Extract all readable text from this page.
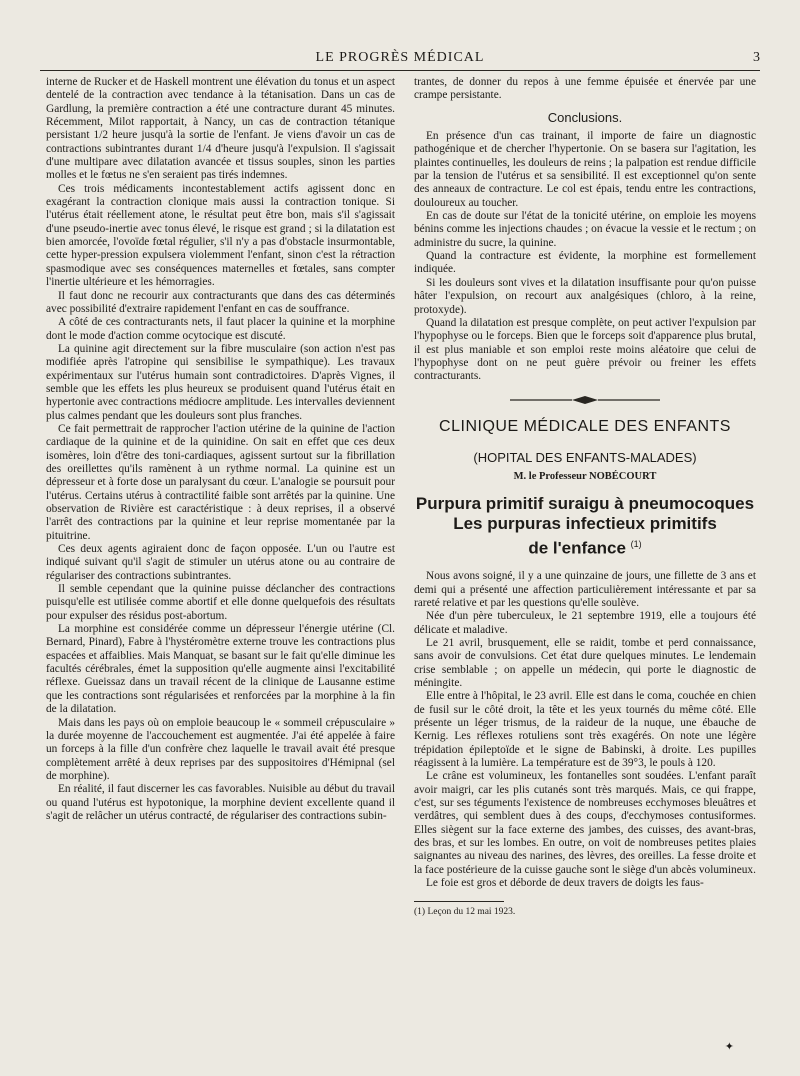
LE PROGRÈS MÉDICAL	3

interne de Rucker et de Haskell montrent une élévation du tonus et un aspect dentelé de la contraction avec tendance à la tétanisation. Dans un cas de Gardlung, la première contraction a été une contracture durant 45 minutes. Récemment, Milot rapportait, à Nancy, un cas de contraction tétanique persistant 1/2 heure jusqu'à la sortie de l'enfant. Je viens d'avoir un cas de contractions subintrantes durant 1/4 d'heure jusqu'à l'expulsion. Il s'agissait d'une multipare avec dilatation avancée et tissus souples, sinon les parties molles et le fœtus ne s'en seraient pas tirés indemnes.

Ces trois médicaments incontestablement actifs agissent donc en exagérant la contraction clonique mais aussi la contraction tonique. Si l'utérus était réellement atone, le résultat peut être bon, mais s'il s'agissait d'une pseudo-inertie avec tonus élevé, le risque est grand ; si la dilatation est bien amorcée, l'ovoïde fœtal régulier, s'il n'y a pas d'obstacle insurmontable, cette hyper-pression expulsera violemment l'enfant, sinon c'est la rétraction spasmodique avec ses conséquences maternelles et fœtales, sans compter l'inertie ultérieure et les hémorragies.

Il faut donc ne recourir aux contracturants que dans des cas déterminés avec possibilité d'extraire rapidement l'enfant en cas de souffrance.

A côté de ces contracturants nets, il faut placer la quinine et la morphine dont le mode d'action comme ocytocique est discuté.

La quinine agit directement sur la fibre musculaire (son action n'est pas modifiée après l'atropine qui sensibilise le sympathique). Les travaux expérimentaux sur l'utérus humain sont contradictoires. D'après Vignes, il semble que les effets les plus heureux se produisent quand l'utérus était en hypertonie avec contractions médiocre amplitude. Les intervalles deviennent plus calmes pendant que les douleurs sont plus franches.

Ce fait permettrait de rapprocher l'action utérine de la quinine de l'action cardiaque de la quinine et de la quinidine. On sait en effet que ces deux isomères, loin d'être des toni-cardiaques, agissent surtout sur la fibrillation des oreillettes qu'ils ramènent à un rythme normal. La quinine est un dépresseur et à forte dose un paralysant du cœur. L'analogie se poursuit pour l'utérus. Certains utérus à contractilité faible sont arrêtés par la quinine. Une observation de Rivière est caractéristique : à deux reprises, il a observé l'arrêt des contractions par la quinine et leur reprise momentanée par la pituitrine.

Ces deux agents agiraient donc de façon opposée. L'un ou l'autre est indiqué suivant qu'il s'agit de stimuler un utérus atone ou au contraire de régulariser des contractions subintrantes.

Il semble cependant que la quinine puisse déclancher des contractions puisqu'elle est utilisée comme abortif et elle donne quelquefois des résultats pour expulser des résidus post-abortum.

La morphine est considérée comme un dépresseur l'énergie utérine (Cl. Bernard, Pinard), Fabre à l'hystéromètre externe trouve les contractions plus espacées et affaiblies. Mais Manquat, se basant sur le fait qu'elle diminue les facultés cérébrales, émet la supposition qu'elle augmente ainsi l'excitabilité réflexe. Gueissaz dans un travail récent de la clinique de Lausanne estime que les contractions sont régularisées et renforcées par la morphine à la fin de la dilatation.

Mais dans les pays où on emploie beaucoup le « sommeil crépusculaire » la durée moyenne de l'accouchement est augmentée. J'ai été appelée à faire un forceps à la fille d'un confrère chez laquelle le travail avait été presque complètement arrêté à deux reprises par des suppositoires d'Hémipnal (sel de morphine).

En réalité, il faut discerner les cas favorables. Nuisible au début du travail ou quand l'utérus est hypotonique, la morphine devient excellente quand il s'agit de relâcher un utérus contracté, de régulariser des contractions subin-

trantes, de donner du repos à une femme épuisée et énervée par une crampe persistante.

Conclusions.

En présence d'un cas trainant, il importe de faire un diagnostic pathogénique et de chercher l'hypertonie. On se basera sur l'agitation, les plaintes continuelles, les douleurs de reins ; la palpation est rendue difficile par la tension de l'utérus et sa sensibilité. Il est exceptionnel qu'on sente des anneaux de contracture. Le col est épais, tendu entre les contractions, douloureux au toucher.

En cas de doute sur l'état de la tonicité utérine, on emploie les moyens bénins comme les injections chaudes ; on évacue la vessie et le rectum ; on administre du sucre, la quinine.

Quand la contracture est évidente, la morphine est formellement indiquée.

Si les douleurs sont vives et la dilatation insuffisante pour qu'on puisse hâter l'expulsion, on recourt aux analgésiques (chloro, à la reine, protoxyde).

Quand la dilatation est presque complète, on peut activer l'expulsion par l'hypophyse ou le forceps. Bien que le forceps soit d'apparence plus brutal, il est plus maniable et son emploi reste moins aléatoire que celui de l'hypophyse dont on ne peut guère prévoir ou freiner les effets contracturants.

CLINIQUE MÉDICALE DES ENFANTS
(HOPITAL DES ENFANTS-MALADES)
M. le Professeur NOBÉCOURT
Purpura primitif suraigu à pneumocoques
Les purpuras infectieux primitifs
de l'enfance $^{(1)}$

Nous avons soigné, il y a une quinzaine de jours, une fillette de 3 ans et demi qui a présenté une affection particulièrement intéressante et par sa rareté relative et par les questions qu'elle soulève.

Née d'un père tuberculeux, le 21 septembre 1919, elle a toujours été délicate et maladive.

Le 21 avril, brusquement, elle se raidit, tombe et perd connaissance, sans avoir de convulsions. Cet état dure quelques minutes. Le lendemain crise semblable ; on appelle un médecin, qui porte le diagnostic de méningite.

Elle entre à l'hôpital, le 23 avril. Elle est dans le coma, couchée en chien de fusil sur le côté droit, la tête et les yeux tournés du même côté. Elle présente un léger trismus, de la raideur de la nuque, une ébauche de Kernig. Les réflexes rotuliens sont très exagérés. On note une légère trépidation épileptoïde et le signe de Babinski, à droite. Les pupilles réagissent à la lumière. La température est de 39°3, le pouls à 120.

Le crâne est volumineux, les fontanelles sont soudées. L'enfant paraît avoir maigri, car les plis cutanés sont très marqués. Mais, ce qui frappe, c'est, sur ses téguments l'existence de nombreuses ecchymoses bleuâtres et verdâtres, qui semblent dues à des coups, d'ecchymoses contusiformes. Elles siègent sur la face externe des jambes, des cuisses, des avant-bras, des bras, et sur les lombes. En outre, on voit de nombreuses petites plaies saignantes au niveau des narines, des lèvres, des oreilles. La fesse droite et la face postérieure de la cuisse gauche sont le siège d'un abcès volumineux.

Le foie est gros et déborde de deux travers de doigts les faus-

(1) Leçon du 12 mai 1923.
✦
